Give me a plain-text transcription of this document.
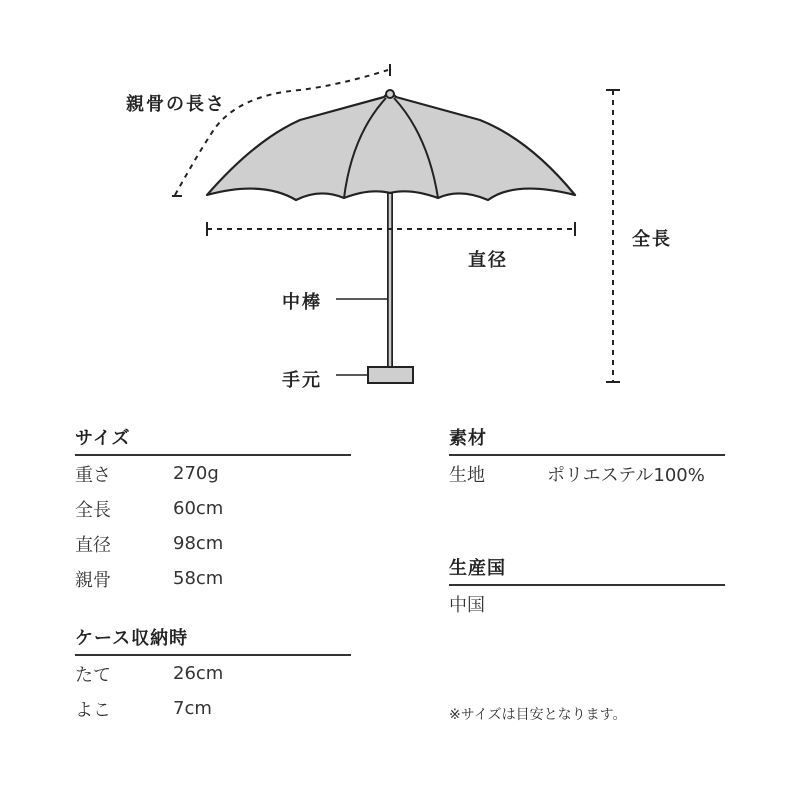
親骨の長さ
直径
全長
中棒
手元
サイズ
重さ	270g
全長	60cm
直径	98cm
親骨	58cm
ケース収納時
たて	26cm
よこ	7cm
素材
生地	ポリエステル100%
生産国
中国
※サイズは目安となります。
